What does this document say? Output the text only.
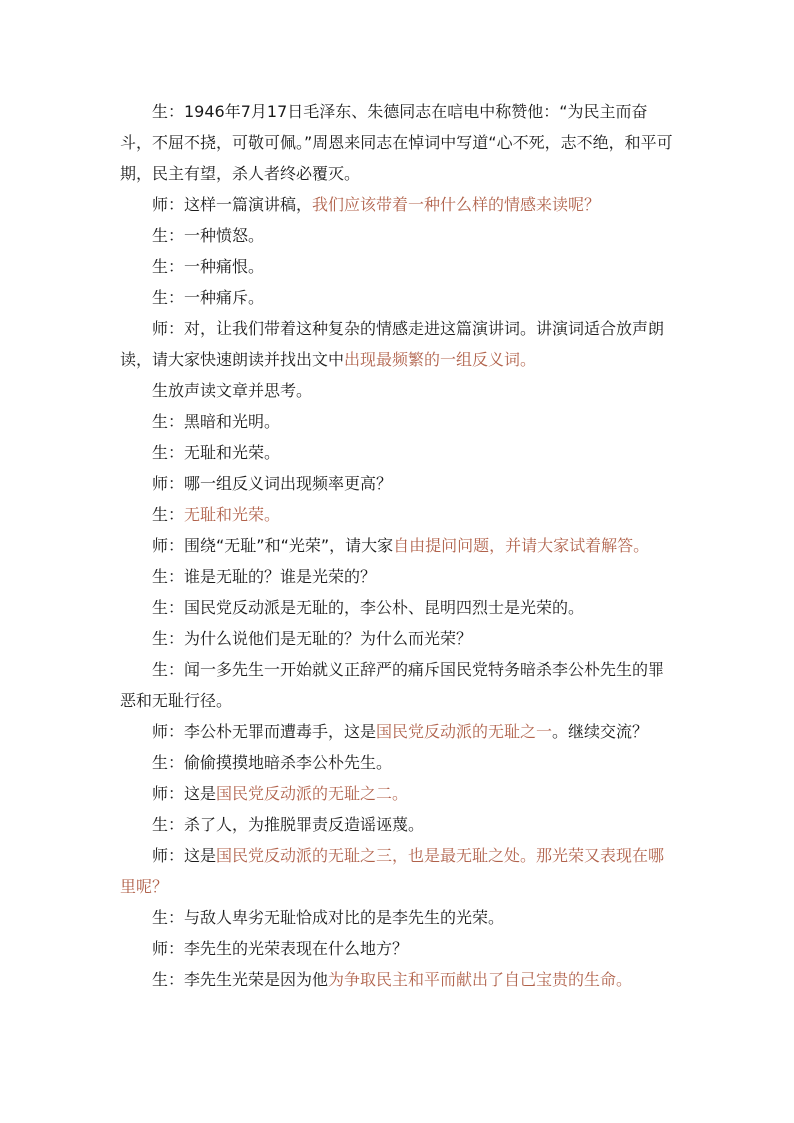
生：1946年7月17日毛泽东、朱德同志在唁电中称赞他：“为民主而奋斗，不屈不挠，可敬可佩。”周恩来同志在悼词中写道“心不死，志不绝，和平可期，民主有望，杀人者终必覆灭。

师：这样一篇演讲稿，我们应该带着一种什么样的情感来读呢？

生：一种愤怒。

生：一种痛恨。

生：一种痛斥。

师：对，让我们带着这种复杂的情感走进这篇演讲词。讲演词适合放声朗读，请大家快速朗读并找出文中出现最频繁的一组反义词。

生放声读文章并思考。

生：黑暗和光明。

生：无耻和光荣。

师：哪一组反义词出现频率更高？

生：无耻和光荣。

师：围绕“无耻”和“光荣”，请大家自由提问问题，并请大家试着解答。

生：谁是无耻的？谁是光荣的？

生：国民党反动派是无耻的，李公朴、昆明四烈士是光荣的。

生：为什么说他们是无耻的？为什么而光荣？

生：闻一多先生一开始就义正辞严的痛斥国民党特务暗杀李公朴先生的罪恶和无耻行径。

师：李公朴无罪而遭毒手，这是国民党反动派的无耻之一。继续交流？

生：偷偷摸摸地暗杀李公朴先生。

师：这是国民党反动派的无耻之二。

生：杀了人，为推脱罪责反造谣诬蔑。

师：这是国民党反动派的无耻之三，也是最无耻之处。那光荣又表现在哪里呢？

生：与敌人卑劣无耻恰成对比的是李先生的光荣。

师：李先生的光荣表现在什么地方？

生：李先生光荣是因为他为争取民主和平而献出了自己宝贵的生命。
